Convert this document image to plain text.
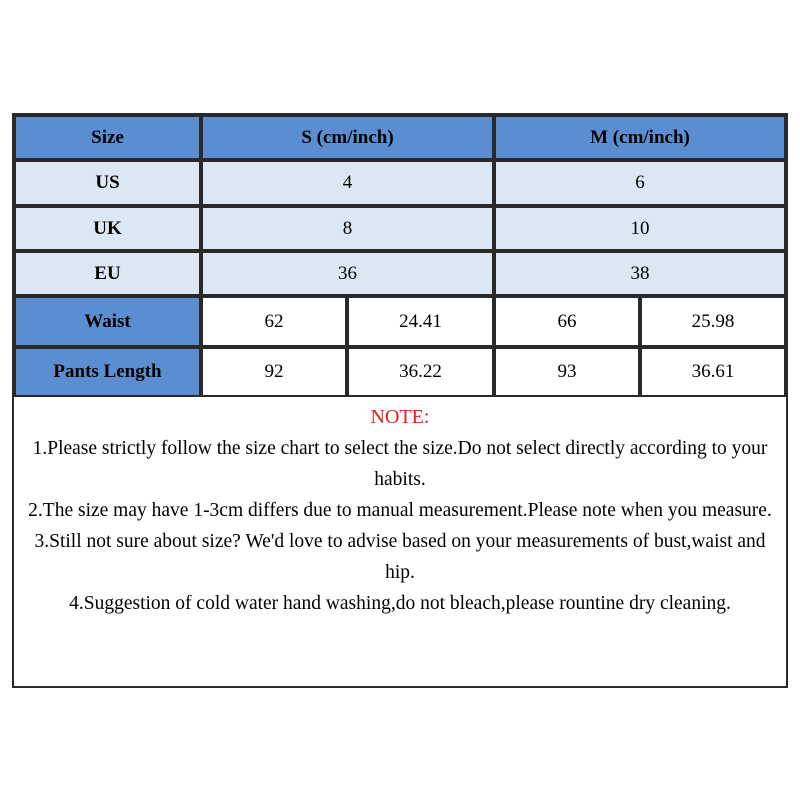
Size	S (cm/inch)	M (cm/inch)
US	4	6
UK	8	10
EU	36	38
Waist	62	24.41	66	25.98
Pants Length	92	36.22	93	36.61
NOTE:
1.Please strictly follow the size chart to select the size.Do not select directly according to your habits.
2.The size may have 1-3cm differs due to manual measurement.Please note when you measure.
3.Still not sure about size? We'd love to advise based on your measurements of bust,waist and hip.
4.Suggestion of cold water hand washing,do not bleach,please rountine dry cleaning.
